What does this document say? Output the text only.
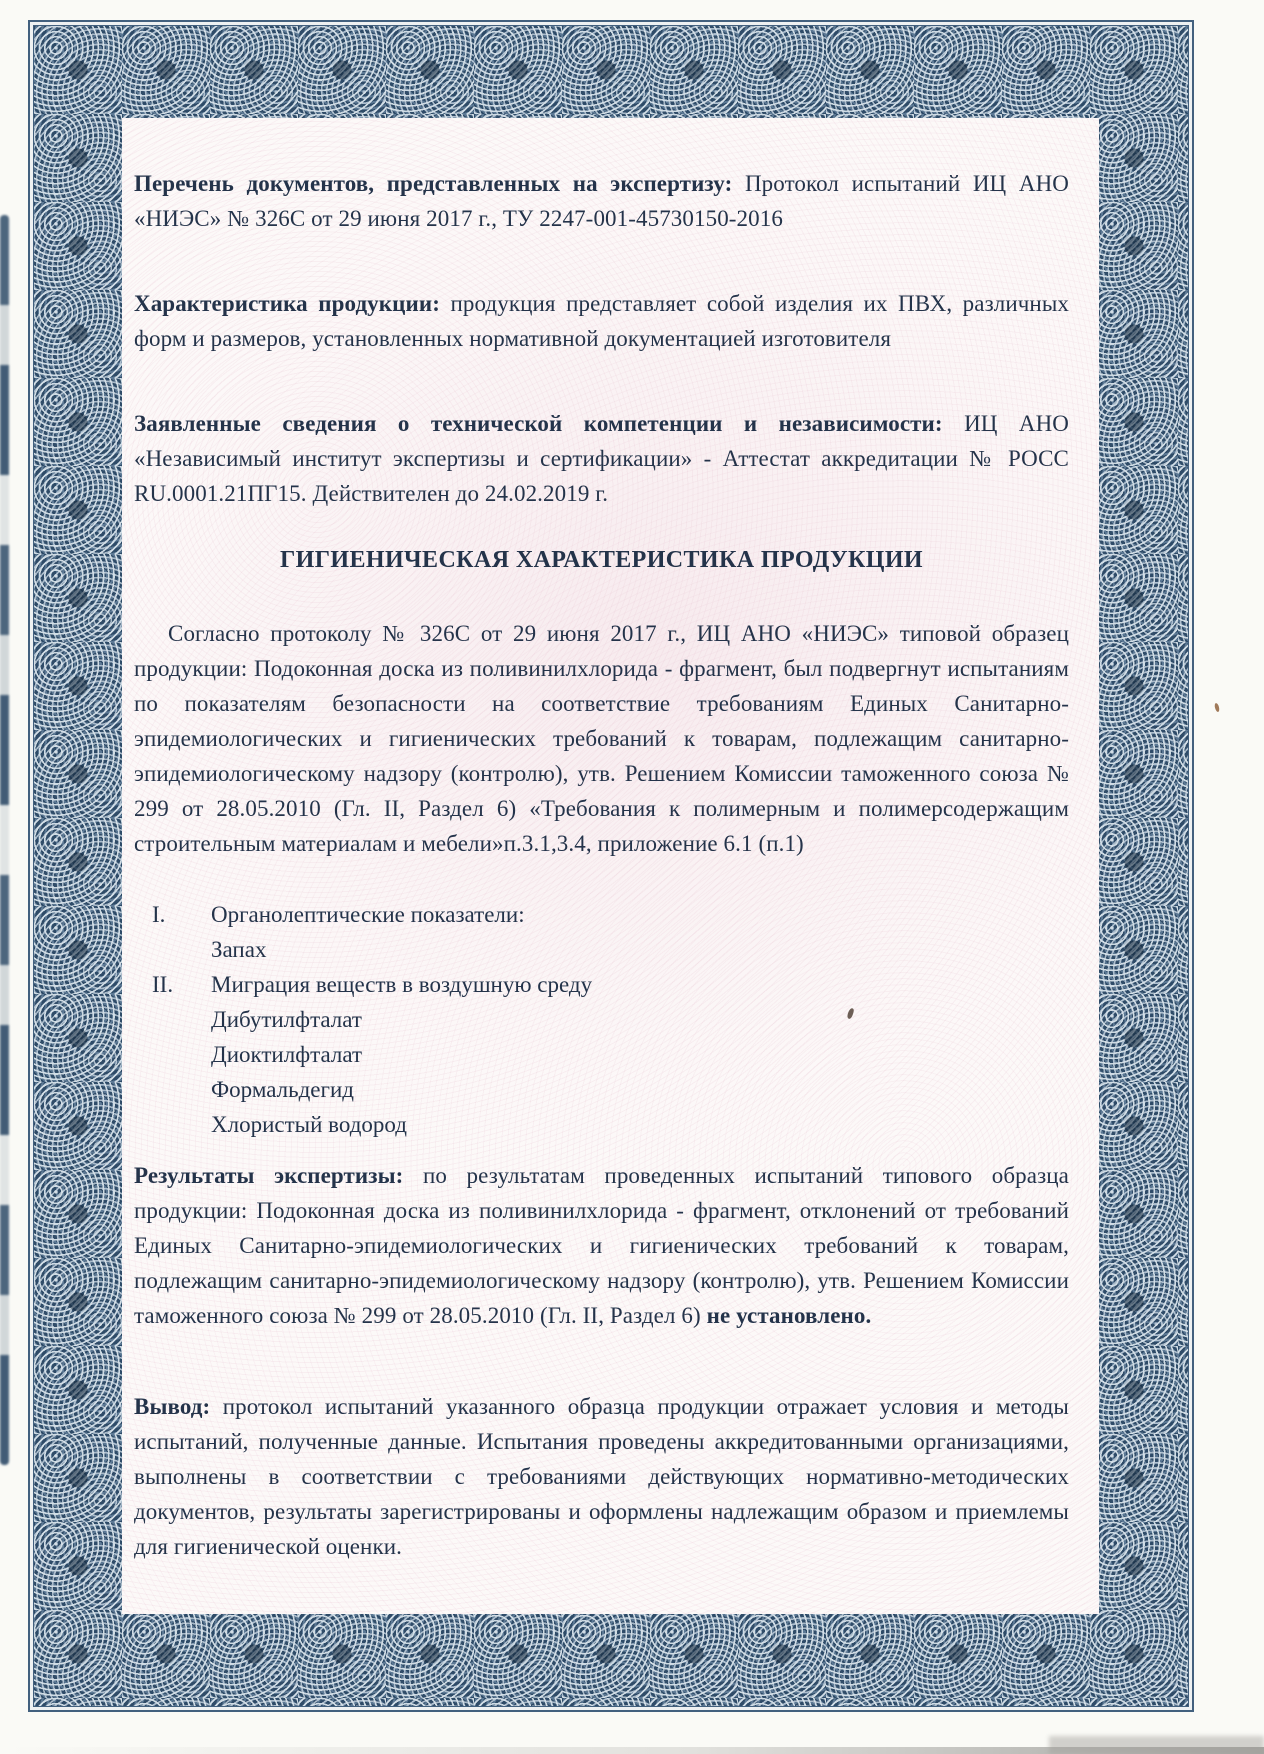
Перечень документов, представленных на экспертизу: Протокол испытаний ИЦ АНО «НИЭС» № 326С от 29 июня 2017 г., ТУ 2247-001-45730150-2016

Характеристика продукции: продукция представляет собой изделия их ПВХ, различных форм и размеров, установленных нормативной документацией изготовителя

Заявленные сведения о технической компетенции и независимости: ИЦ АНО «Независимый институт экспертизы и сертификации» - Аттестат аккредитации № РОСС RU.0001.21ПГ15. Действителен до 24.02.2019 г.

ГИГИЕНИЧЕСКАЯ ХАРАКТЕРИСТИКА ПРОДУКЦИИ

Согласно протоколу № 326С от 29 июня 2017 г., ИЦ АНО «НИЭС» типовой образец продукции: Подоконная доска из поливинилхлорида - фрагмент, был подвергнут испытаниям по показателям безопасности на соответствие требованиям Единых Санитарно-эпидемиологических и гигиенических требований к товарам, подлежащим санитарно-эпидемиологическому надзору (контролю), утв. Решением Комиссии таможенного союза № 299 от 28.05.2010 (Гл. II, Раздел 6) «Требования к полимерным и полимерсодержащим строительным материалам и мебели»п.3.1,3.4, приложение 6.1 (п.1)

I.	Органолептические показатели:
Запах
II.	Миграция веществ в воздушную среду
Дибутилфталат
Диоктилфталат
Формальдегид
Хлористый водород

Результаты экспертизы: по результатам проведенных испытаний типового образца продукции: Подоконная доска из поливинилхлорида - фрагмент, отклонений от требований Единых Санитарно-эпидемиологических и гигиенических требований к товарам, подлежащим санитарно-эпидемиологическому надзору (контролю), утв. Решением Комиссии таможенного союза № 299 от 28.05.2010 (Гл. II, Раздел 6) не установлено.

Вывод: протокол испытаний указанного образца продукции отражает условия и методы испытаний, полученные данные. Испытания проведены аккредитованными организациями, выполнены в соответствии с требованиями действующих нормативно-методических документов, результаты зарегистрированы и оформлены надлежащим образом и приемлемы для гигиенической оценки.
